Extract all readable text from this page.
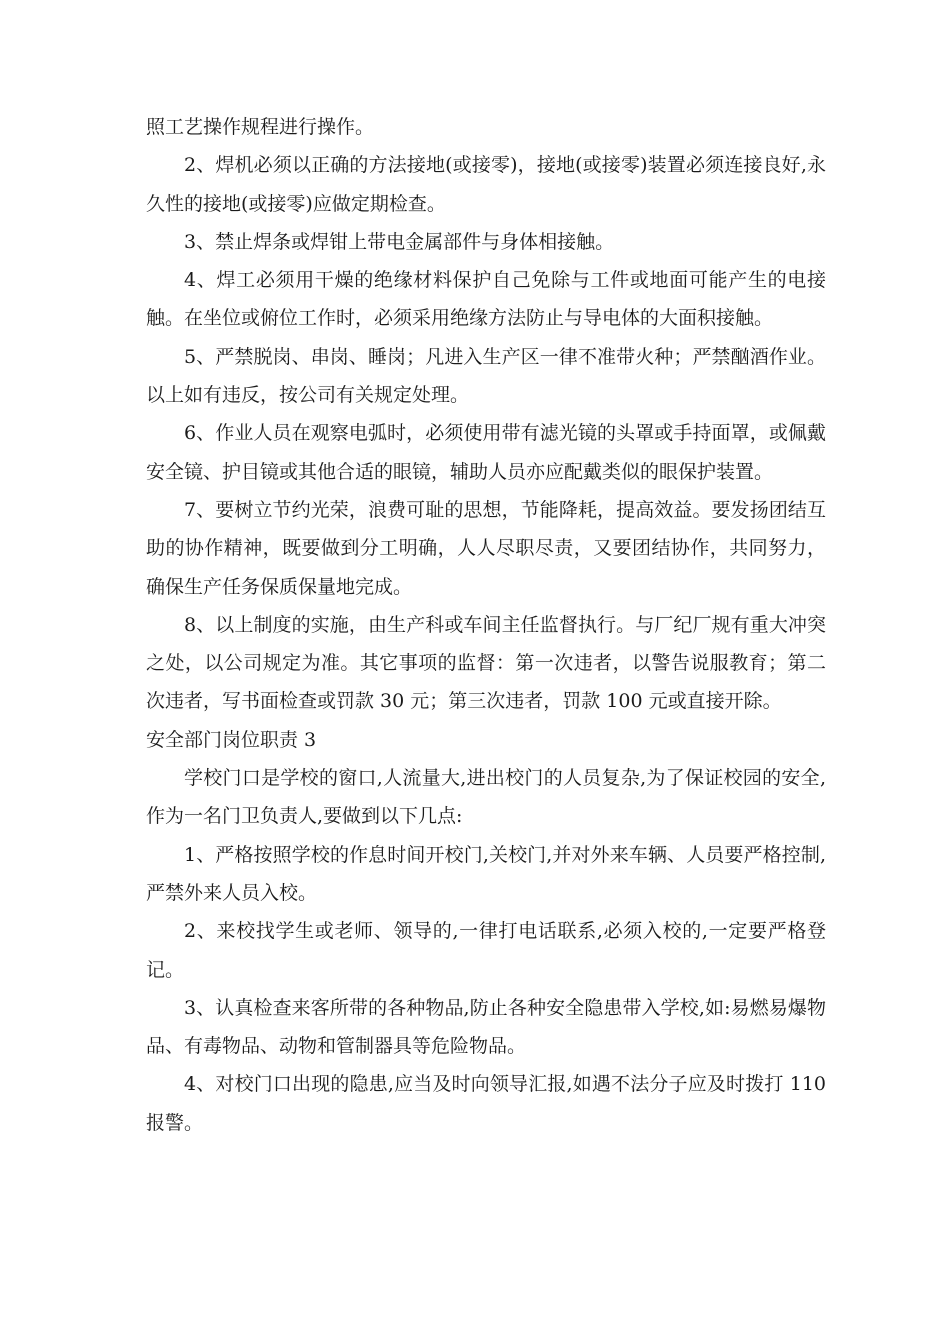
照工艺操作规程进行操作。

2、焊机必须以正确的方法接地(或接零)，接地(或接零)装置必须连接良好,永久性的接地(或接零)应做定期检查。

3、禁止焊条或焊钳上带电金属部件与身体相接触。

4、焊工必须用干燥的绝缘材料保护自己免除与工件或地面可能产生的电接触。在坐位或俯位工作时，必须采用绝缘方法防止与导电体的大面积接触。

5、严禁脱岗、串岗、睡岗；凡进入生产区一律不准带火种；严禁酗酒作业。以上如有违反，按公司有关规定处理。

6、作业人员在观察电弧时，必须使用带有滤光镜的头罩或手持面罩，或佩戴安全镜、护目镜或其他合适的眼镜，辅助人员亦应配戴类似的眼保护装置。

7、要树立节约光荣，浪费可耻的思想，节能降耗，提高效益。要发扬团结互助的协作精神，既要做到分工明确，人人尽职尽责，又要团结协作，共同努力，确保生产任务保质保量地完成。

8、以上制度的实施，由生产科或车间主任监督执行。与厂纪厂规有重大冲突之处，以公司规定为准。其它事项的监督：第一次违者，以警告说服教育；第二次违者，写书面检查或罚款 30 元；第三次违者，罚款 100 元或直接开除。

安全部门岗位职责 3

学校门口是学校的窗口,人流量大,进出校门的人员复杂,为了保证校园的安全,作为一名门卫负责人,要做到以下几点:

1、严格按照学校的作息时间开校门,关校门,并对外来车辆、人员要严格控制,严禁外来人员入校。

2、来校找学生或老师、领导的,一律打电话联系,必须入校的,一定要严格登记。

3、认真检查来客所带的各种物品,防止各种安全隐患带入学校,如:易燃易爆物品、有毒物品、动物和管制器具等危险物品。

4、对校门口出现的隐患,应当及时向领导汇报,如遇不法分子应及时拨打 110 报警。
